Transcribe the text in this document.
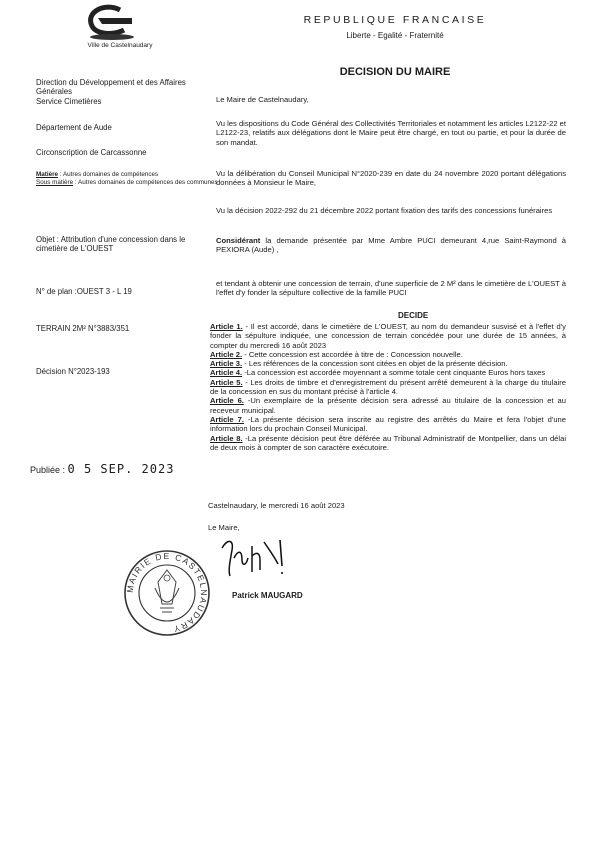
Ville de Castelnaudary
REPUBLIQUE FRANCAISE
Liberte - Egalité - Fraternité
DECISION DU MAIRE
Direction du Développement et des Affaires Générales
Service Cimetières
Département de Aude
Circonscription de Carcassonne
Matière : Autres domaines de compétences
Sous matière : Autres domaines de compétences des communes
Objet : Attribution d'une concession dans le cimetière de L'OUEST
N° de plan :OUEST 3 - L 19
TERRAIN 2M² N°3883/351
Décision N°2023-193
Publiée : 0 5 SEP. 2023
Le Maire de Castelnaudary,
Vu les dispositions du Code Général des Collectivités Territoriales et notamment les articles L2122-22 et L2122-23, relatifs aux délégations dont le Maire peut être chargé, en tout ou partie, et pour la durée de son mandat.
Vu la délibération du Conseil Municipal N°2020-239 en date du 24 novembre 2020 portant délégations données à Monsieur le Maire,
Vu la décision 2022-292 du 21 décembre 2022 portant fixation des tarifs des concessions funéraires
Considérant la demande présentée par Mme Ambre PUCI demeurant 4,rue Saint-Raymond à PEXIORA (Aude) ,
et tendant à obtenir une concession de terrain, d'une superficie de 2 M² dans le cimetière de L'OUEST à l'effet d'y fonder la sépulture collective de la famille PUCI
DECIDE

Article 1. - Il est accordé, dans le cimetière de L'OUEST, au nom du demandeur susvisé et à l'effet d'y fonder la sépulture indiquée, une concession de terrain concédée pour une durée de 15 années, à compter du mercredi 16 août 2023

Article 2. - Cette concession est accordée à titre de : Concession nouvelle.

Article 3. - Les références de la concession sont citées en objet de la présente décision.

Article 4. -La concession est accordée moyennant a somme totale cent cinquante Euros hors taxes

Article 5. - Les droits de timbre et d'enregistrement du présent arrêté demeurent à la charge du titulaire de la concession en sus du montant précisé à l'article 4.

Article 6. -Un exemplaire de la présente décision sera adressé au titulaire de la concession et au receveur municipal.

Article 7. -La présente décision sera inscrite au registre des arrêtés du Maire et fera l'objet d'une information lors du prochain Conseil Municipal.

Article 8. -La présente décision peut être déférée au Tribunal Administratif de Montpellier, dans un délai de deux mois à compter de son caractère exécutoire.

Castelnaudary, le mercredi 16 août 2023
Le Maire,
MAIRIE DE CASTELNAUDARY
Patrick MAUGARD
